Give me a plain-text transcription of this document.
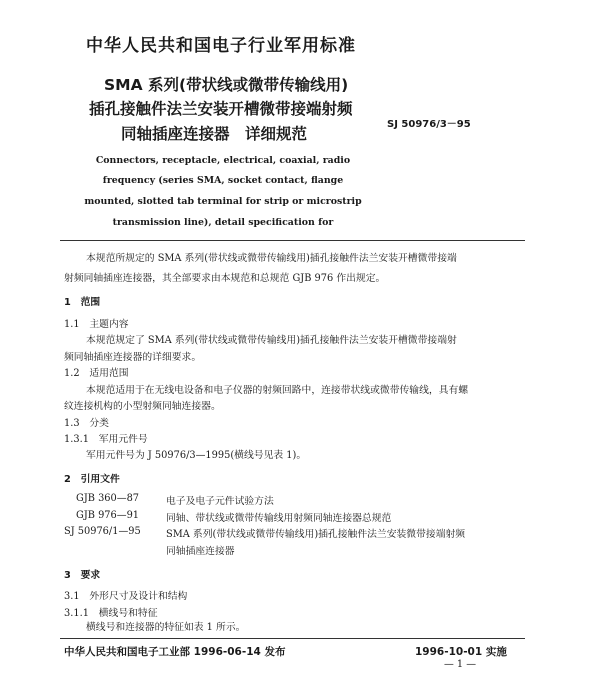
中华人民共和国电子行业军用标准
SMA 系列(带状线或微带传输线用)
插孔接触件法兰安装开槽微带接端射频
同轴插座连接器　详细规范
SJ 50976/3－95
Connectors, receptacle, electrical, coaxial, radio
frequency (series SMA, socket contact, flange
mounted, slotted tab terminal for strip or microstrip
transmission line), detail specification for
本规范所规定的 SMA 系列(带状线或微带传输线用)插孔接触件法兰安装开槽微带接端
射频同轴插座连接器，其全部要求由本规范和总规范 GJB 976 作出规定。
1　范围
1.1　主题内容
本规范规定了 SMA 系列(带状线或微带传输线用)插孔接触件法兰安装开槽微带接端射
频同轴插座连接器的详细要求。
1.2　适用范围
本规范适用于在无线电设备和电子仪器的射频回路中，连接带状线或微带传输线，具有螺
纹连接机构的小型射频同轴连接器。
1.3　分类
1.3.1　军用元件号
军用元件号为 J 50976/3—1995(横线号见表 1)。
2　引用文件
GJB 360—87	电子及电子元件试验方法
GJB 976—91	同轴、带状线或微带传输线用射频同轴连接器总规范
SJ 50976/1—95	SMA 系列(带状线或微带传输线用)插孔接触件法兰安装微带接端射频
同轴插座连接器
3　要求
3.1　外形尺寸及设计和结构
3.1.1　横线号和特征
横线号和连接器的特征如表 1 所示。
中华人民共和国电子工业部 1996-06-14 发布	1996-10-01 实施
— 1 —
